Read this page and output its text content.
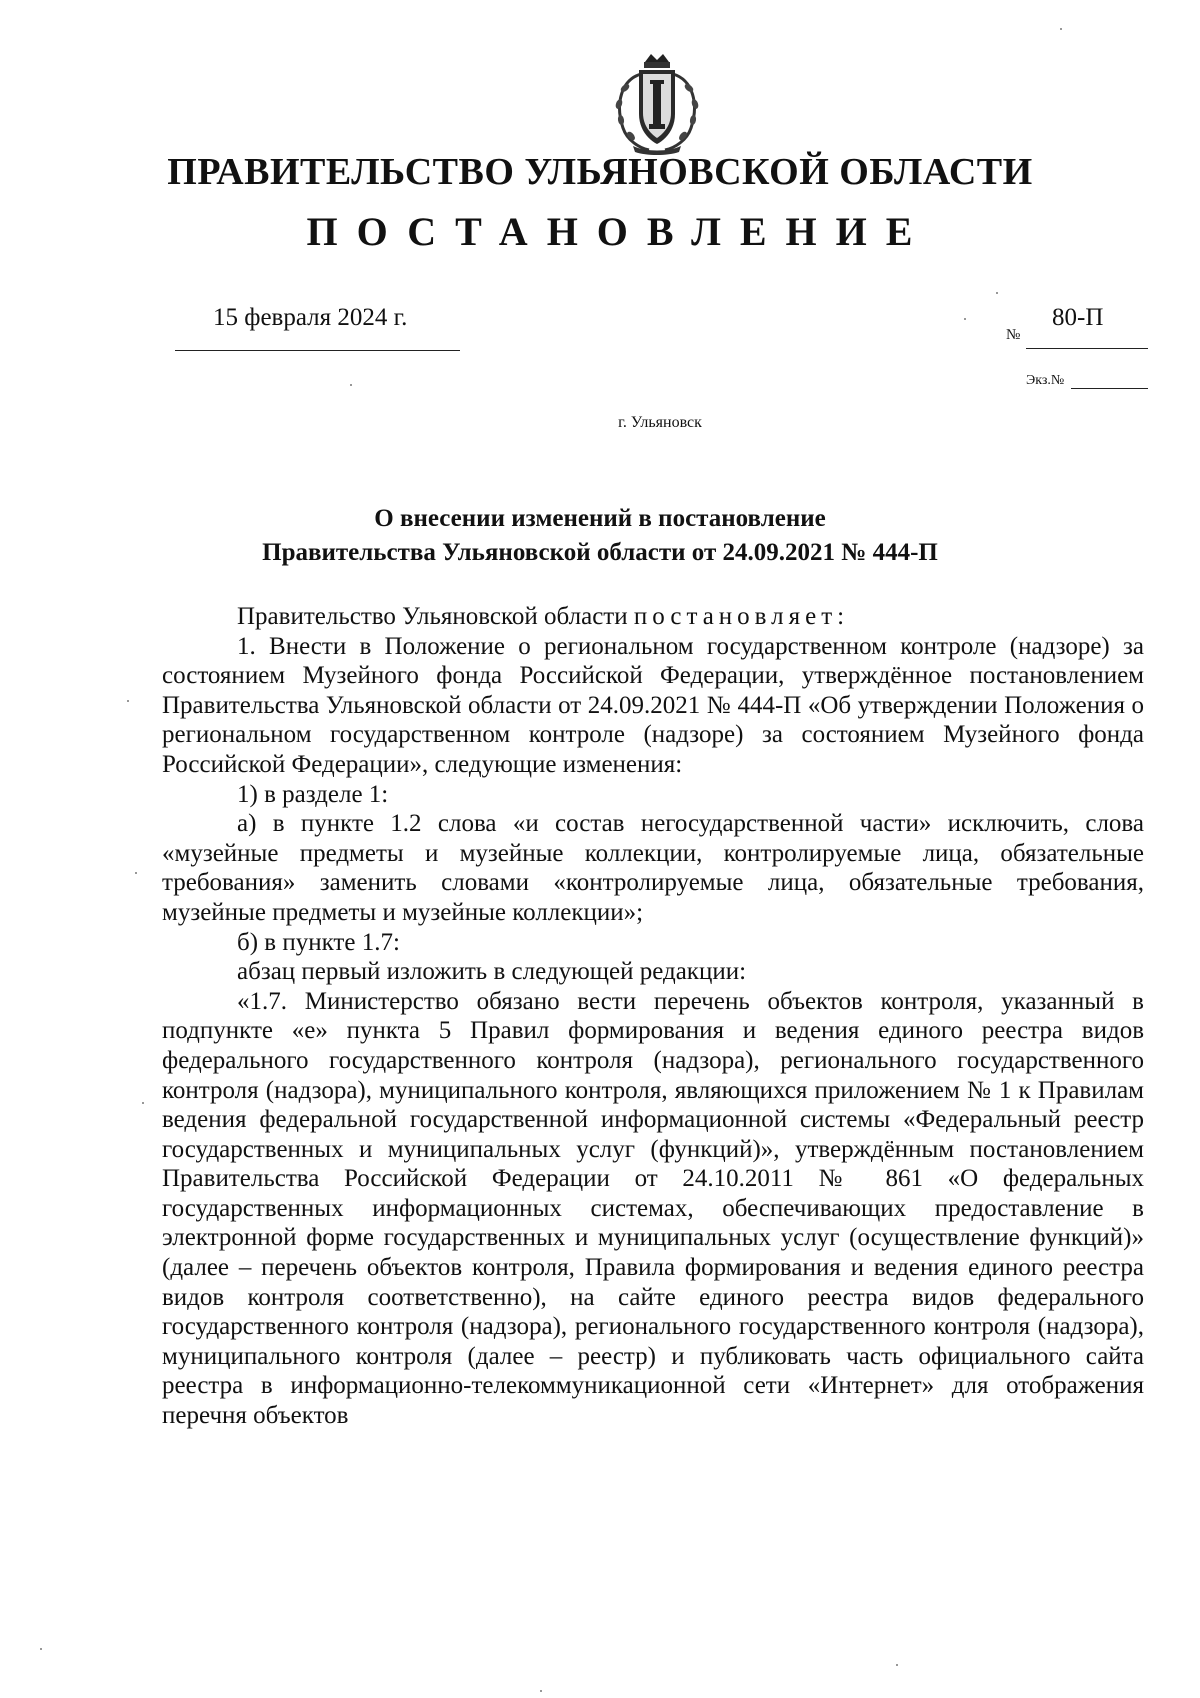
ПРАВИТЕЛЬСТВО УЛЬЯНОВСКОЙ ОБЛАСТИ
ПОСТАНОВЛЕНИЕ
15 февраля 2024 г.
№
80-П
Экз.№
г. Ульяновск
О внесении изменений в постановление
Правительства Ульяновской области от 24.09.2021 № 444-П

Правительство Ульяновской области постановляет:

1. Внести в Положение о региональном государственном контроле (надзоре) за состоянием Музейного фонда Российской Федерации, утверждённое постановлением Правительства Ульяновской области от 24.09.2021 № 444-П «Об утверждении Положения о региональном государственном контроле (надзоре) за состоянием Музейного фонда Российской Федерации», следующие изменения:

1) в разделе 1:

а) в пункте 1.2 слова «и состав негосударственной части» исключить, слова «музейные предметы и музейные коллекции, контролируемые лица, обязательные требования» заменить словами «контролируемые лица, обязательные требования, музейные предметы и музейные коллекции»;

б) в пункте 1.7:

абзац первый изложить в следующей редакции:

«1.7. Министерство обязано вести перечень объектов контроля, указанный в подпункте «е» пункта 5 Правил формирования и ведения единого реестра видов федерального государственного контроля (надзора), регионального государственного контроля (надзора), муниципального контроля, являющихся приложением № 1 к Правилам ведения федеральной государственной информационной системы «Федеральный реестр государственных и муниципальных услуг (функций)», утверждённым постановлением Правительства Российской Федерации от 24.10.2011 № 861 «О федеральных государственных информационных системах, обеспечивающих предоставление в электронной форме государственных и муниципальных услуг (осуществление функций)» (далее – перечень объектов контроля, Правила формирования и ведения единого реестра видов контроля соответственно), на сайте единого реестра видов федерального государственного контроля (надзора), регионального государственного контроля (надзора), муниципального контроля (далее – реестр) и публиковать часть официального сайта реестра в информационно-телекоммуникационной сети «Интернет» для отображения перечня объектов
